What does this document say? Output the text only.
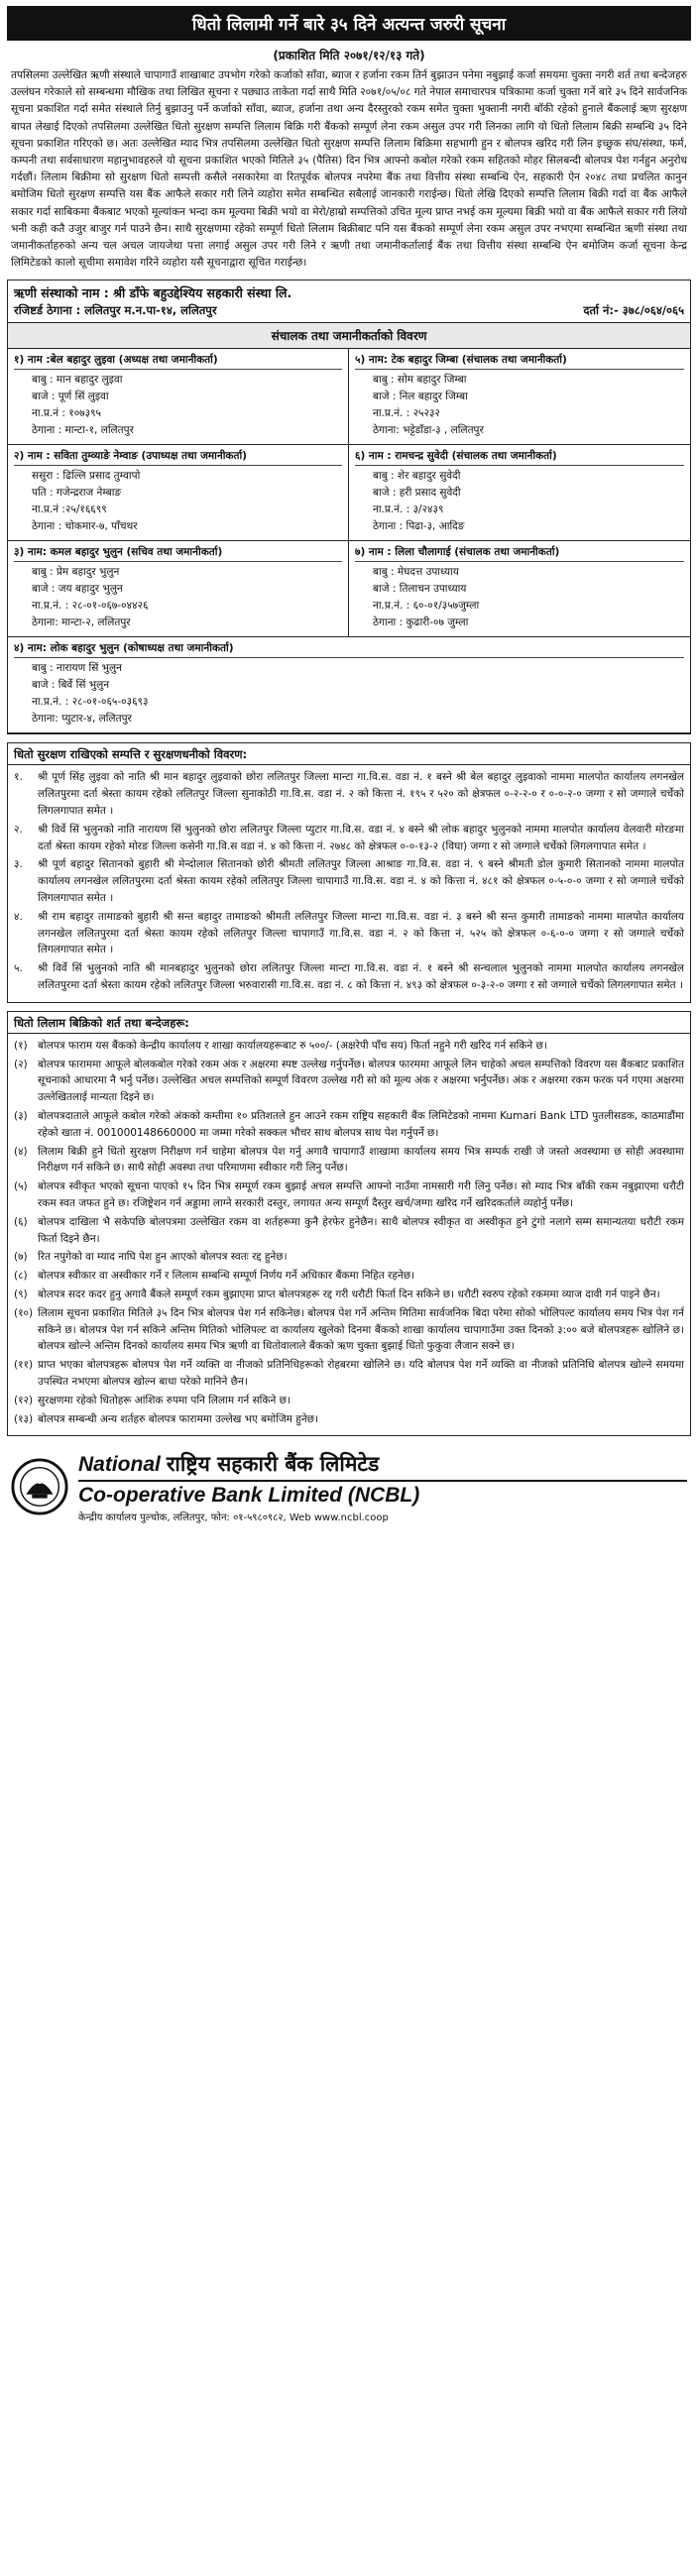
धितो लिलामी गर्ने बारे ३५ दिने अत्यन्त जरुरी सूचना
(प्रकाशित मिति २०७१/१२/१३ गते)

तपसिलमा उल्लेखित ऋणी संस्थाले चापागाउँ शाखाबाट उपभोग गरेको कर्जाको साँवा, ब्याज र हर्जाना रकम तिर्न बुझाउन पनेमा नबुझाई कर्जा समयमा चुक्ता नगरी शर्त तथा बन्देजहरु उल्लंघन गरेकाले सो सम्बन्धमा मौखिक तथा लिखित सूचना र पछ्याउ ताकेता गर्दा साथै मिति २०७१/०५/०८ गते नेपाल समाचारपत्र पत्रिकामा कर्जा चुक्ता गर्ने बारे ३५ दिने सार्वजनिक सूचना प्रकाशित गर्दा समेत संस्थाले तिर्नु बुझाउनु पर्ने कर्जाको साँवा, ब्याज, हर्जाना तथा अन्य दैरस्तुरको रकम समेत चुक्ता भुक्तानी नगरी बाँकी रहेको हुनाले बैंकलाई ऋण सुरक्षण बापत लेखाई दिएको तपसिलमा उल्लेखित धितो सुरक्षण सम्पत्ति लिलाम बिक्रि गरी बैंकको सम्पूर्ण लेना रकम असुल उपर गरी लिनका लागि यो धितो लिलाम बिक्री सम्बन्धि ३५ दिने सूचना प्रकाशित गरिएको छ। अतः उल्लेखित म्याद भित्र तपसिलमा उल्लेखित धितो सुरक्षण सम्पत्ति लिलाम बिक्रिमा सहभागी हुन र बोलपत्र खरिद गरी लिन इच्छुक संघ/संस्था, फर्म, कम्पनी तथा सर्वसाधारण महानुभावहरुले यो सूचना प्रकाशित भएको मितिले ३५ (पैतिस) दिन भित्र आफ्नो कबोल गरेको रकम सहितको मोहर सिलबन्दी बोलपत्र पेश गर्नहुन अनुरोध गर्दछौं। लिलाम बिक्रीमा सो सुरक्षण धितो सम्पत्ती कसैले नसकारेमा वा रितपूर्वक बोलपत्र नपरेमा बैंक तथा वित्तीय संस्था सम्बन्धि ऐन, सहकारी ऐन २०४८ तथा प्रचलित कानुन बमोजिम धितो सुरक्षण सम्पत्ति यस बैंक आफैले सकार गरी लिने व्यहोरा समेत सम्बन्धित सबैलाई जानकारी गराईन्छ। धितो लेखि दिएको सम्पत्ति लिलाम बिक्री गर्दा वा बैंक आफैले सकार गर्दा साबिकमा बैंकबाट भएको मूल्यांकन भन्दा कम मूल्यमा बिक्री भयो वा मेरो/हाम्रो सम्पत्तिको उचित मूल्य प्राप्त नभई कम मूल्यमा बिक्री भयो वा बैंक आफैले सकार गरी लियो भनी कही कतै उजुर बाजुर गर्न पाउने छैन। साथै सुरक्षणमा रहेको सम्पूर्ण धितो लिलाम बिक्रीबाट पनि यस बैंकको सम्पूर्ण लेना रकम असुल उपर नभएमा सम्बन्धित ऋणी संस्था तथा जमानीकर्ताहरुको अन्य चल अचल जायजेथा पत्ता लगाई असुल उपर गरी लिने र ऋणी तथा जमानीकर्तालाई बैंक तथा वित्तीय संस्था सम्बन्धि ऐन बमोजिम कर्जा सूचना केन्द्र लिमिटेडको कालो सूचीमा समावेश गरिने व्यहोरा यसै सूचनाद्वारा सूचित गराईन्छ।

ऋणी संस्थाको नाम : श्री डाँफे बहुउद्देश्यिय सहकारी संस्था लि.
रजिष्टर्ड ठेगाना : ललितपुर म.न.पा-१४, ललितपुर	दर्ता नं:- ३७८/०६४/०६५
संचालक तथा जमानीकर्ताको विवरण
१) नाम :बेल बहादुर लुइवा (अध्यक्ष तथा जमानीकर्ता)
बाबु : मान बहादुर लुइवा
बाजे : पूर्ण सिं लुइवा
ना.प्र.नं : १०७३९५
ठेगाना : मान्टा-१, ललितपुर
५) नाम: टेक बहादुर जिम्बा (संचालक तथा जमानीकर्ता)
बाबु : सोम बहादुर जिम्बा
बाजे : निल बहादुर जिम्बा
ना.प्र.नं. : २५२३२
ठेगाना: भट्टेडाँडा-३ , ललितपुर
२) नाम : सविता तुम्व्याङे नेम्वाङ (उपाध्यक्ष तथा जमानीकर्ता)
ससुरा : ढिल्लि प्रसाद तुम्वापो
पति : गजेन्द्रराज नेम्बाङ
ना.प्र.नं :२५/१६६९९
ठेगाना : चोकमार-७, पाँचथर
६) नाम : रामचन्द्र सुवेदी (संचालक तथा जमानीकर्ता)
बाबु : शेर बहादुर सुवेदी
बाजे : हरी प्रसाद सुवेदी
ना.प्र.नं. : ३/२४३९
ठेगाना : पिढा-३, आदिङ
३) नाम: कमल बहादुर भुलुन (सचिव तथा जमानीकर्ता)
बाबु : प्रेम बहादुर भुलुन
बाजे : जय बहादुर भुलुन
ना.प्र.नं. : २८-०१-०६७-०४४२६
ठेगाना: मान्टा-२, ललितपुर
७) नाम : लिला चौलागाई (संचालक तथा जमानीकर्ता)
बाबु : मेघदत्त उपाध्याय
बाजे : तिलाचन उपाध्याय
ना.प्र.नं. : ६०-०१/३५७जुम्ला
ठेगाना : कुढारी-०७ जुम्ला
४) नाम: लोक बहादुर भुलुन (कोषाध्यक्ष तथा जमानीकर्ता)
बाबु : नारायण सिं भुलुन
बाजे : बिर्वे सिं भुलुन
ना.प्र.नं. : २८-०१-०६५-०३६९३
ठेगाना: प्युटार-४, ललितपुर
धितो सुरक्षण राखिएको सम्पत्ति र सुरक्षणधनीको विवरण:
१.	श्री पूर्ण सिंह लुइवा को नाति श्री मान बहादुर लुइवाको छोरा ललितपुर जिल्ला मान्टा गा.वि.स. वडा नं. १ बस्ने श्री बेल बहादुर लुइवाको नाममा मालपोत कार्यालय लगनखेल ललितपुरमा दर्ता श्रेस्ता कायम रहेको ललितपुर जिल्ला सुनाकोठी गा.वि.स. वडा नं. २ को कित्ता नं. १९५ र ५२० को क्षेत्रफल ०-२-२-० र ०-०-२-० जग्गा र सो जग्गाले चर्चेको लिगलगापात समेत ।
२.	श्री विर्वे सिं भुलुनको नाति नारायण सिं भुलुनको छोरा ललितपुर जिल्ला प्युटार गा.वि.स. वडा नं. ४ बस्ने श्री लोक बहादुर भुलुनको नाममा मालपोत कार्यालय वेलवारी मोरङमा दर्ता श्रेस्ता कायम रहेको मोरङ जिल्ला कसेनी गा.वि.स वडा नं. ४ को कित्ता नं. २७४८ को क्षेत्रफल ०-०-१३-२ (विघा) जग्गा र सो जग्गाले चर्चेको लिगलगापात समेत ।
३.	श्री पूर्ण बहादुर सितानको बुहारी श्री मेन्दोलाल सितानको छोरी श्रीमती ललितपुर जिल्ला आश्राङ गा.वि.स. वडा नं. ९ बस्ने श्रीमती डोल कुमारी सितानको नाममा मालपोत कार्यालय लगनखेल ललितपुरमा दर्ता श्रेस्ता कायम रहेको ललितपुर जिल्ला चापागाउँ गा.वि.स. वडा नं. ४ को कित्ता नं. ४८१ को क्षेत्रफल ०-५-०-० जग्गा र सो जग्गाले चर्चेको लिगलगापात समेत ।
४.	श्री राम बहादुर तामाङको बुहारी श्री सन्त बहादुर तामाङको श्रीमती ललितपुर जिल्ला मान्टा गा.वि.स. वडा नं. ३ बस्ने श्री सन्त कुमारी तामाङको नाममा मालपोत कार्यालय लगनखेल ललितपुरमा दर्ता श्रेस्ता कायम रहेको ललितपुर जिल्ला चापागाउँ गा.वि.स. वडा नं. २ को कित्ता नं. ५२५ को क्षेत्रफल ०-६-०-० जग्गा र सो जग्गाले चर्चेको लिगलगापात समेत ।
५.	श्री विर्वे सिं भुलुनको नाति श्री मानबहादुर भुलुनको छोरा ललितपुर जिल्ला मान्टा गा.वि.स. वडा नं. १ बस्ने श्री सन्चलाल भुलुनको नाममा मालपोत कार्यालय लगनखेल ललितपुरमा दर्ता श्रेस्ता कायम रहेको ललितपुर जिल्ला भरुवारासी गा.वि.स. वडा नं. ८ को कित्ता नं. ४९३ को क्षेत्रफल ०-३-२-० जग्गा र सो जग्गाले चर्चेको लिगलगापात समेत ।
धितो लिलाम बिक्रिको शर्त तथा बन्देजहरू:
(१) बोलपत्र फाराम यस बैंकको केन्द्रीय कार्यालय र शाखा कार्यालयहरूबाट रु ५००/- (अक्षरेपी पाँच सय) फिर्ता नहुने गरी खरिद गर्न सकिने छ।
(२) बोलपत्र फाराममा आफूले बोलकबोल गरेको रकम अंक र अक्षरमा स्पष्ट उल्लेख गर्नुपर्नेछ। बोलपत्र फारममा आफूले लिन चाहेको अचल सम्पत्तिको विवरण यस बैंकबाट प्रकाशित सूचनाको आधारमा नै भर्नु पर्नेछ। उल्लेखित अचल सम्पत्तिको सम्पूर्ण विवरण उल्लेख गरी सो को मूल्य अंक र अक्षरमा भर्नुपर्नेछ। अंक र अक्षरमा रकम फरक पर्न गएमा अक्षरमा उल्लेखितलाई मान्यता दिइने छ।
(३) बोलपत्रदाताले आफूले कबोल गरेको अंकको कम्तीमा १० प्रतिशतले हुन आउने रकम राष्ट्रिय सहकारी बैंक लिमिटेडको नाममा Kumari Bank LTD पुतलीसडक, काठमाडौंमा रहेको खाता नं. 001000148660000 मा जम्मा गरेको सक्कल भौचर साथ बोलपत्र साथ पेश गर्नुपर्ने छ।
(४) लिलाम बिक्री हुने धितो सुरक्षण निरीक्षण गर्न चाहेमा बोलपत्र पेश गर्नु अगावै चापागाउँ शाखामा कार्यालय समय भित्र सम्पर्क राखी जे जस्तो अवस्थामा छ सोही अवस्थामा निरीक्षण गर्न सकिने छ। साथै सोही अवस्था तथा परिमाणमा स्वीकार गरी लिनु पर्नेछ।
(५) बोलपत्र स्वीकृत भएको सूचना पाएको १५ दिन भित्र सम्पूर्ण रकम बुझाई अचल सम्पत्ति आफ्नो नाउँमा नामसारी गरी लिनु पर्नेछ। सो म्याद भित्र बाँकी रकम नबुझाएमा धरौटी रकम स्वत जफत हुने छ। रजिष्ट्रेशन गर्न अड्डामा लाग्ने सरकारी दस्तुर, लगायत अन्य सम्पूर्ण दैस्तुर खर्च/जग्गा खरिद गर्ने खरिदकर्ताले व्यहोर्नु पर्नेछ।
(६) बोलपत्र दाखिला भै सकेपछि बोलपत्रमा उल्लेखित रकम वा शर्तहरूमा कुनै हेरफेर हुनेछैन। साथै बोलपत्र स्वीकृत वा अस्वीकृत हुने टुंगो नलागे सम्म समान्यतया धरौटी रकम फिर्ता दिइने छैन।
(७) रित नपुगेको वा म्याद नाघि पेश हुन आएको बोलपत्र स्वतः रद्द हुनेछ।
(८) बोलपत्र स्वीकार वा अस्वीकार गर्ने र लिलाम सम्बन्धि सम्पूर्ण निर्णय गर्ने अधिकार बैंकमा निहित रहनेछ।
(९) बोलपत्र सदर कदर हुनु अगावै बैंकले सम्पूर्ण रकम बुझाएमा प्राप्त बोलपत्रहरू रद्द गरी धरौटी फिर्ता दिन सकिने छ। धरौटी स्वरुप रहेको रकममा व्याज दावी गर्न पाइने छैन।
(१०) लिलाम सूचना प्रकाशित मितिले ३५ दिन भित्र बोलपत्र पेश गर्न सकिनेछ। बोलपत्र पेश गर्ने अन्तिम मितिमा सार्वजनिक बिदा परेमा सोको भोलिपल्ट कार्यालय समय भित्र पेश गर्न सकिने छ। बोलपत्र पेश गर्न सकिने अन्तिम मितिको भोलिपल्ट वा कार्यालय खुलेको दिनमा बैंकको शाखा कार्यालय चापागाउँमा उक्त दिनको ३:०० बजे बोलपत्रहरू खोलिने छ। बोलपत्र खोल्ने अन्तिम दिनको कार्यालय समय भित्र ऋणी वा धितोवालाले बैंकको ऋण चुक्ता बुझाई धितो फुकुवा लैजान सक्ने छ।
(११) प्राप्त भएका बोलपत्रहरू बोलपत्र पेश गर्ने व्यक्ति वा नीजको प्रतिनिधिहरूको रोहबरमा खोलिने छ। यदि बोलपत्र पेश गर्ने व्यक्ति वा नीजको प्रतिनिधि बोलपत्र खोल्ने समयमा उपस्थित नभएमा बोलपत्र खोल्न बाधा परेको मानिने छैन।
(१२) सुरक्षणमा रहेको धितोहरू आंशिक रुपमा पनि लिलाम गर्न सकिने छ।
(१३) बोलपत्र सम्बन्धी अन्य शर्तहरु बोलपत्र फाराममा उल्लेख भए बमोजिम हुनेछ।
National राष्ट्रिय सहकारी बैंक लिमिटेड
Co-operative Bank Limited (NCBL)
केन्द्रीय कार्यालय पुल्चोक, ललितपुर, फोन: ०१-५९८०९८२, Web www.ncbl.coop
